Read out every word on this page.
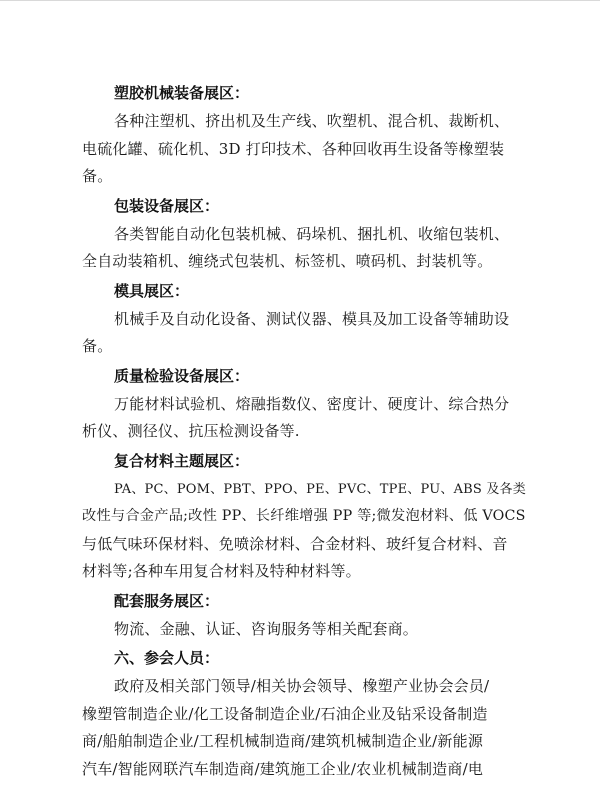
塑胶机械装备展区：

各种注塑机、挤出机及生产线、吹塑机、混合机、裁断机、

电硫化罐、硫化机、3D 打印技术、各种回收再生设备等橡塑装

备。

包装设备展区：

各类智能自动化包装机械、码垛机、捆扎机、收缩包装机、

全自动装箱机、缠绕式包装机、标签机、喷码机、封装机等。

模具展区：

机械手及自动化设备、测试仪器、模具及加工设备等辅助设

备。

质量检验设备展区：

万能材料试验机、熔融指数仪、密度计、硬度计、综合热分

析仪、测径仪、抗压检测设备等.

复合材料主题展区：

PA、PC、POM、PBT、PPO、PE、PVC、TPE、PU、ABS 及各类

改性与合金产品;改性 PP、长纤维增强 PP 等;微发泡材料、低 VOCS

与低气味环保材料、免喷涂材料、合金材料、玻纤复合材料、音

材料等;各种车用复合材料及特种材料等。

配套服务展区：

物流、金融、认证、咨询服务等相关配套商。

六、参会人员：

政府及相关部门领导/相关协会领导、橡塑产业协会会员/

橡塑管制造企业/化工设备制造企业/石油企业及钻采设备制造

商/船舶制造企业/工程机械制造商/建筑机械制造企业/新能源

汽车/智能网联汽车制造商/建筑施工企业/农业机械制造商/电
